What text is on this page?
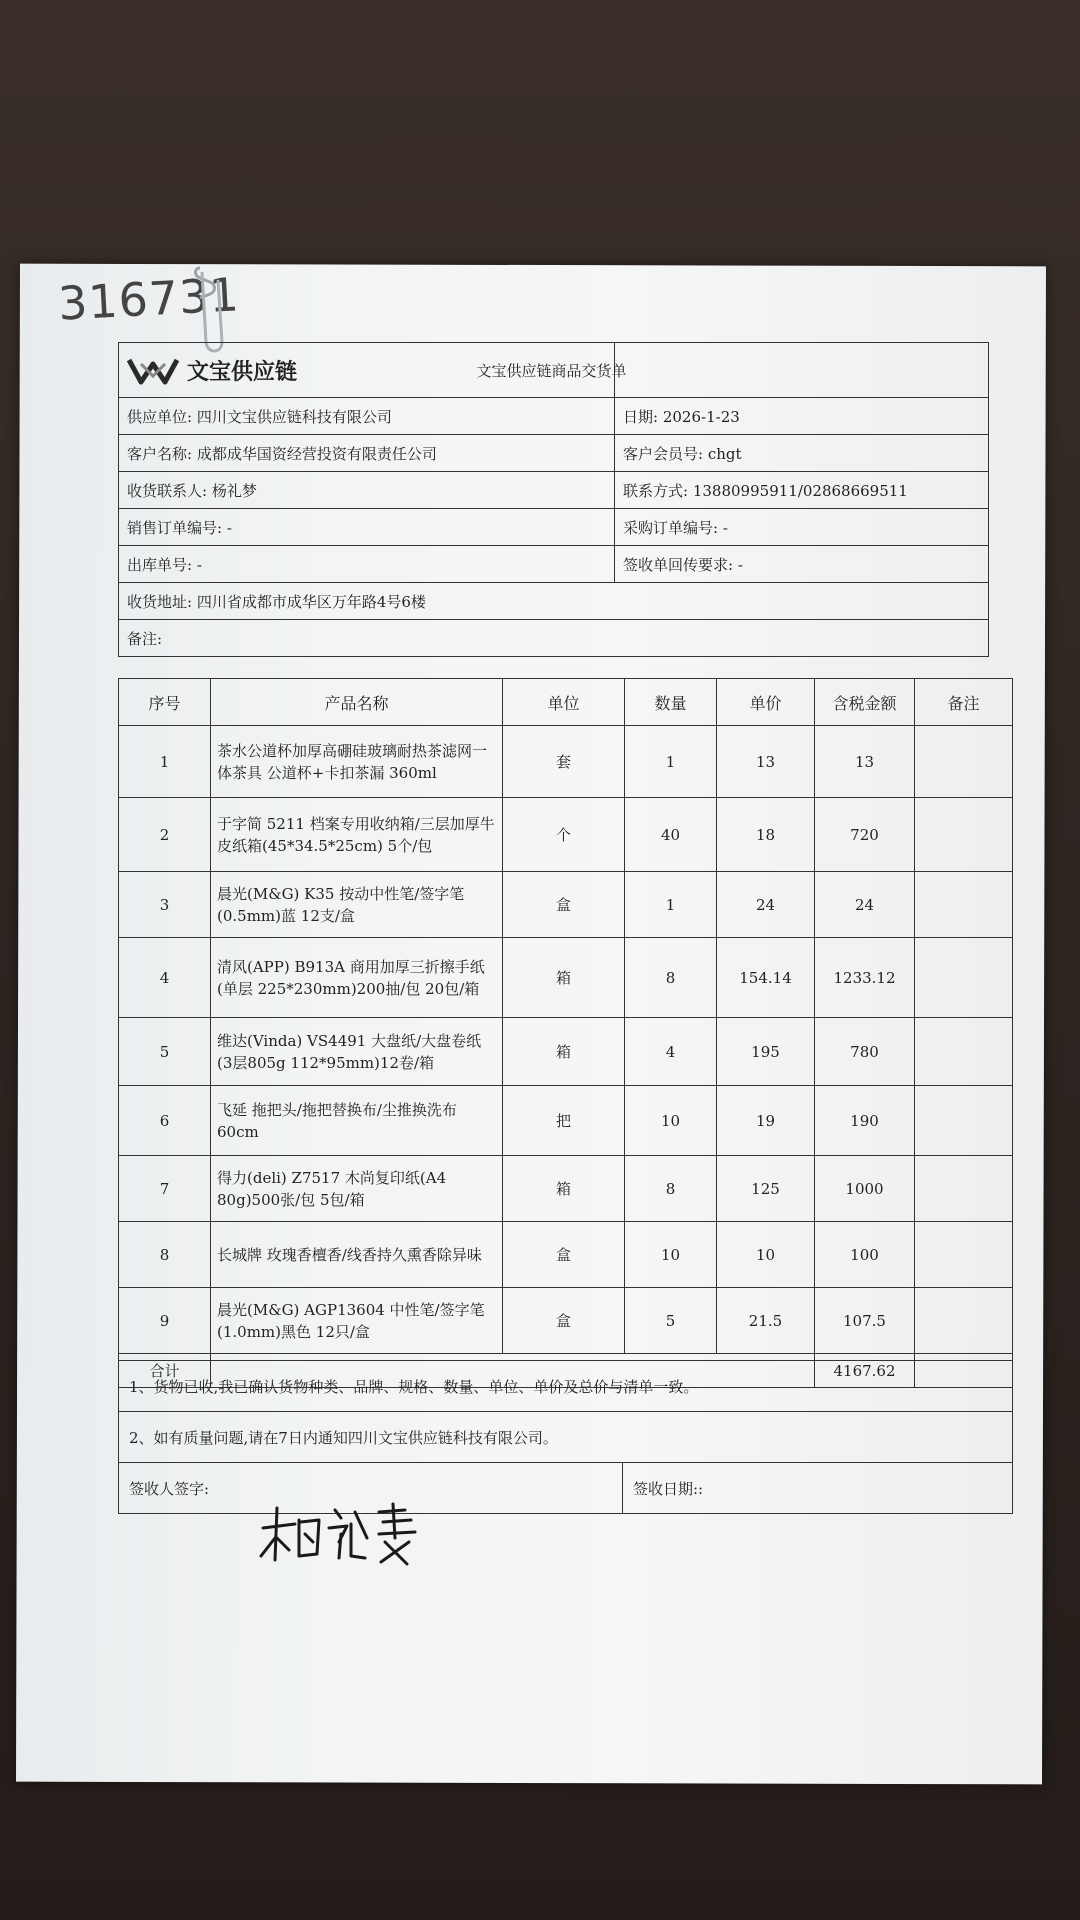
316731
文宝供应链	文宝供应链商品交货单
供应单位: 四川文宝供应链科技有限公司	日期: 2026-1-23
客户名称: 成都成华国资经营投资有限责任公司	客户会员号: chgt
收货联系人: 杨礼梦	联系方式: 13880995911/02868669511
销售订单编号: -	采购订单编号: -
出库单号: -	签收单回传要求: -
收货地址: 四川省成都市成华区万年路4号6楼
备注:
序号	产品名称	单位	数量	单价	含税金额	备注
1	茶水公道杯加厚高硼硅玻璃耐热茶滤网一体茶具 公道杯+卡扣茶漏 360ml	套	1	13	13	
2	于字简 5211 档案专用收纳箱/三层加厚牛皮纸箱(45*34.5*25cm) 5个/包	个	40	18	720	
3	晨光(M&G) K35 按动中性笔/签字笔(0.5mm)蓝 12支/盒	盒	1	24	24	
4	清风(APP) B913A 商用加厚三折擦手纸(单层 225*230mm)200抽/包 20包/箱	箱	8	154.14	1233.12	
5	维达(Vinda) VS4491 大盘纸/大盘卷纸(3层805g 112*95mm)12卷/箱	箱	4	195	780	
6	飞延 拖把头/拖把替换布/尘推换洗布60cm	把	10	19	190	
7	得力(deli) Z7517 木尚复印纸(A4 80g)500张/包 5包/箱	箱	8	125	1000	
8	长城牌 玫瑰香檀香/线香持久熏香除异味	盒	10	10	100	
9	晨光(M&G) AGP13604 中性笔/签字笔(1.0mm)黑色 12只/盒	盒	5	21.5	107.5	
合计					4167.62	
1、货物已收,我已确认货物种类、品牌、规格、数量、单位、单价及总价与清单一致。
2、如有质量问题,请在7日内通知四川文宝供应链科技有限公司。
签收人签字:	签收日期::
